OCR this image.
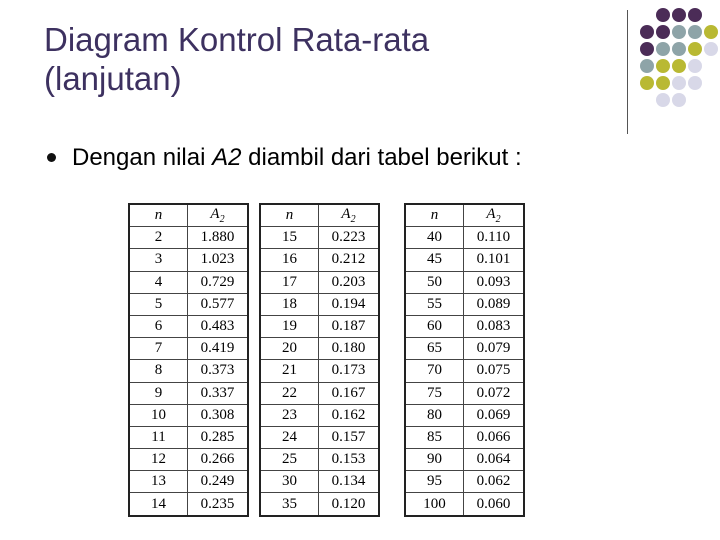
Diagram Kontrol Rata-rata
(lanjutan)
Dengan nilai A2 diambil dari tabel berikut :
n	$A_2$
2	1.880
3	1.023
4	0.729
5	0.577
6	0.483
7	0.419
8	0.373
9	0.337
10	0.308
11	0.285
12	0.266
13	0.249
14	0.235
n	$A_2$
15	0.223
16	0.212
17	0.203
18	0.194
19	0.187
20	0.180
21	0.173
22	0.167
23	0.162
24	0.157
25	0.153
30	0.134
35	0.120
n	$A_2$
40	0.110
45	0.101
50	0.093
55	0.089
60	0.083
65	0.079
70	0.075
75	0.072
80	0.069
85	0.066
90	0.064
95	0.062
100	0.060
